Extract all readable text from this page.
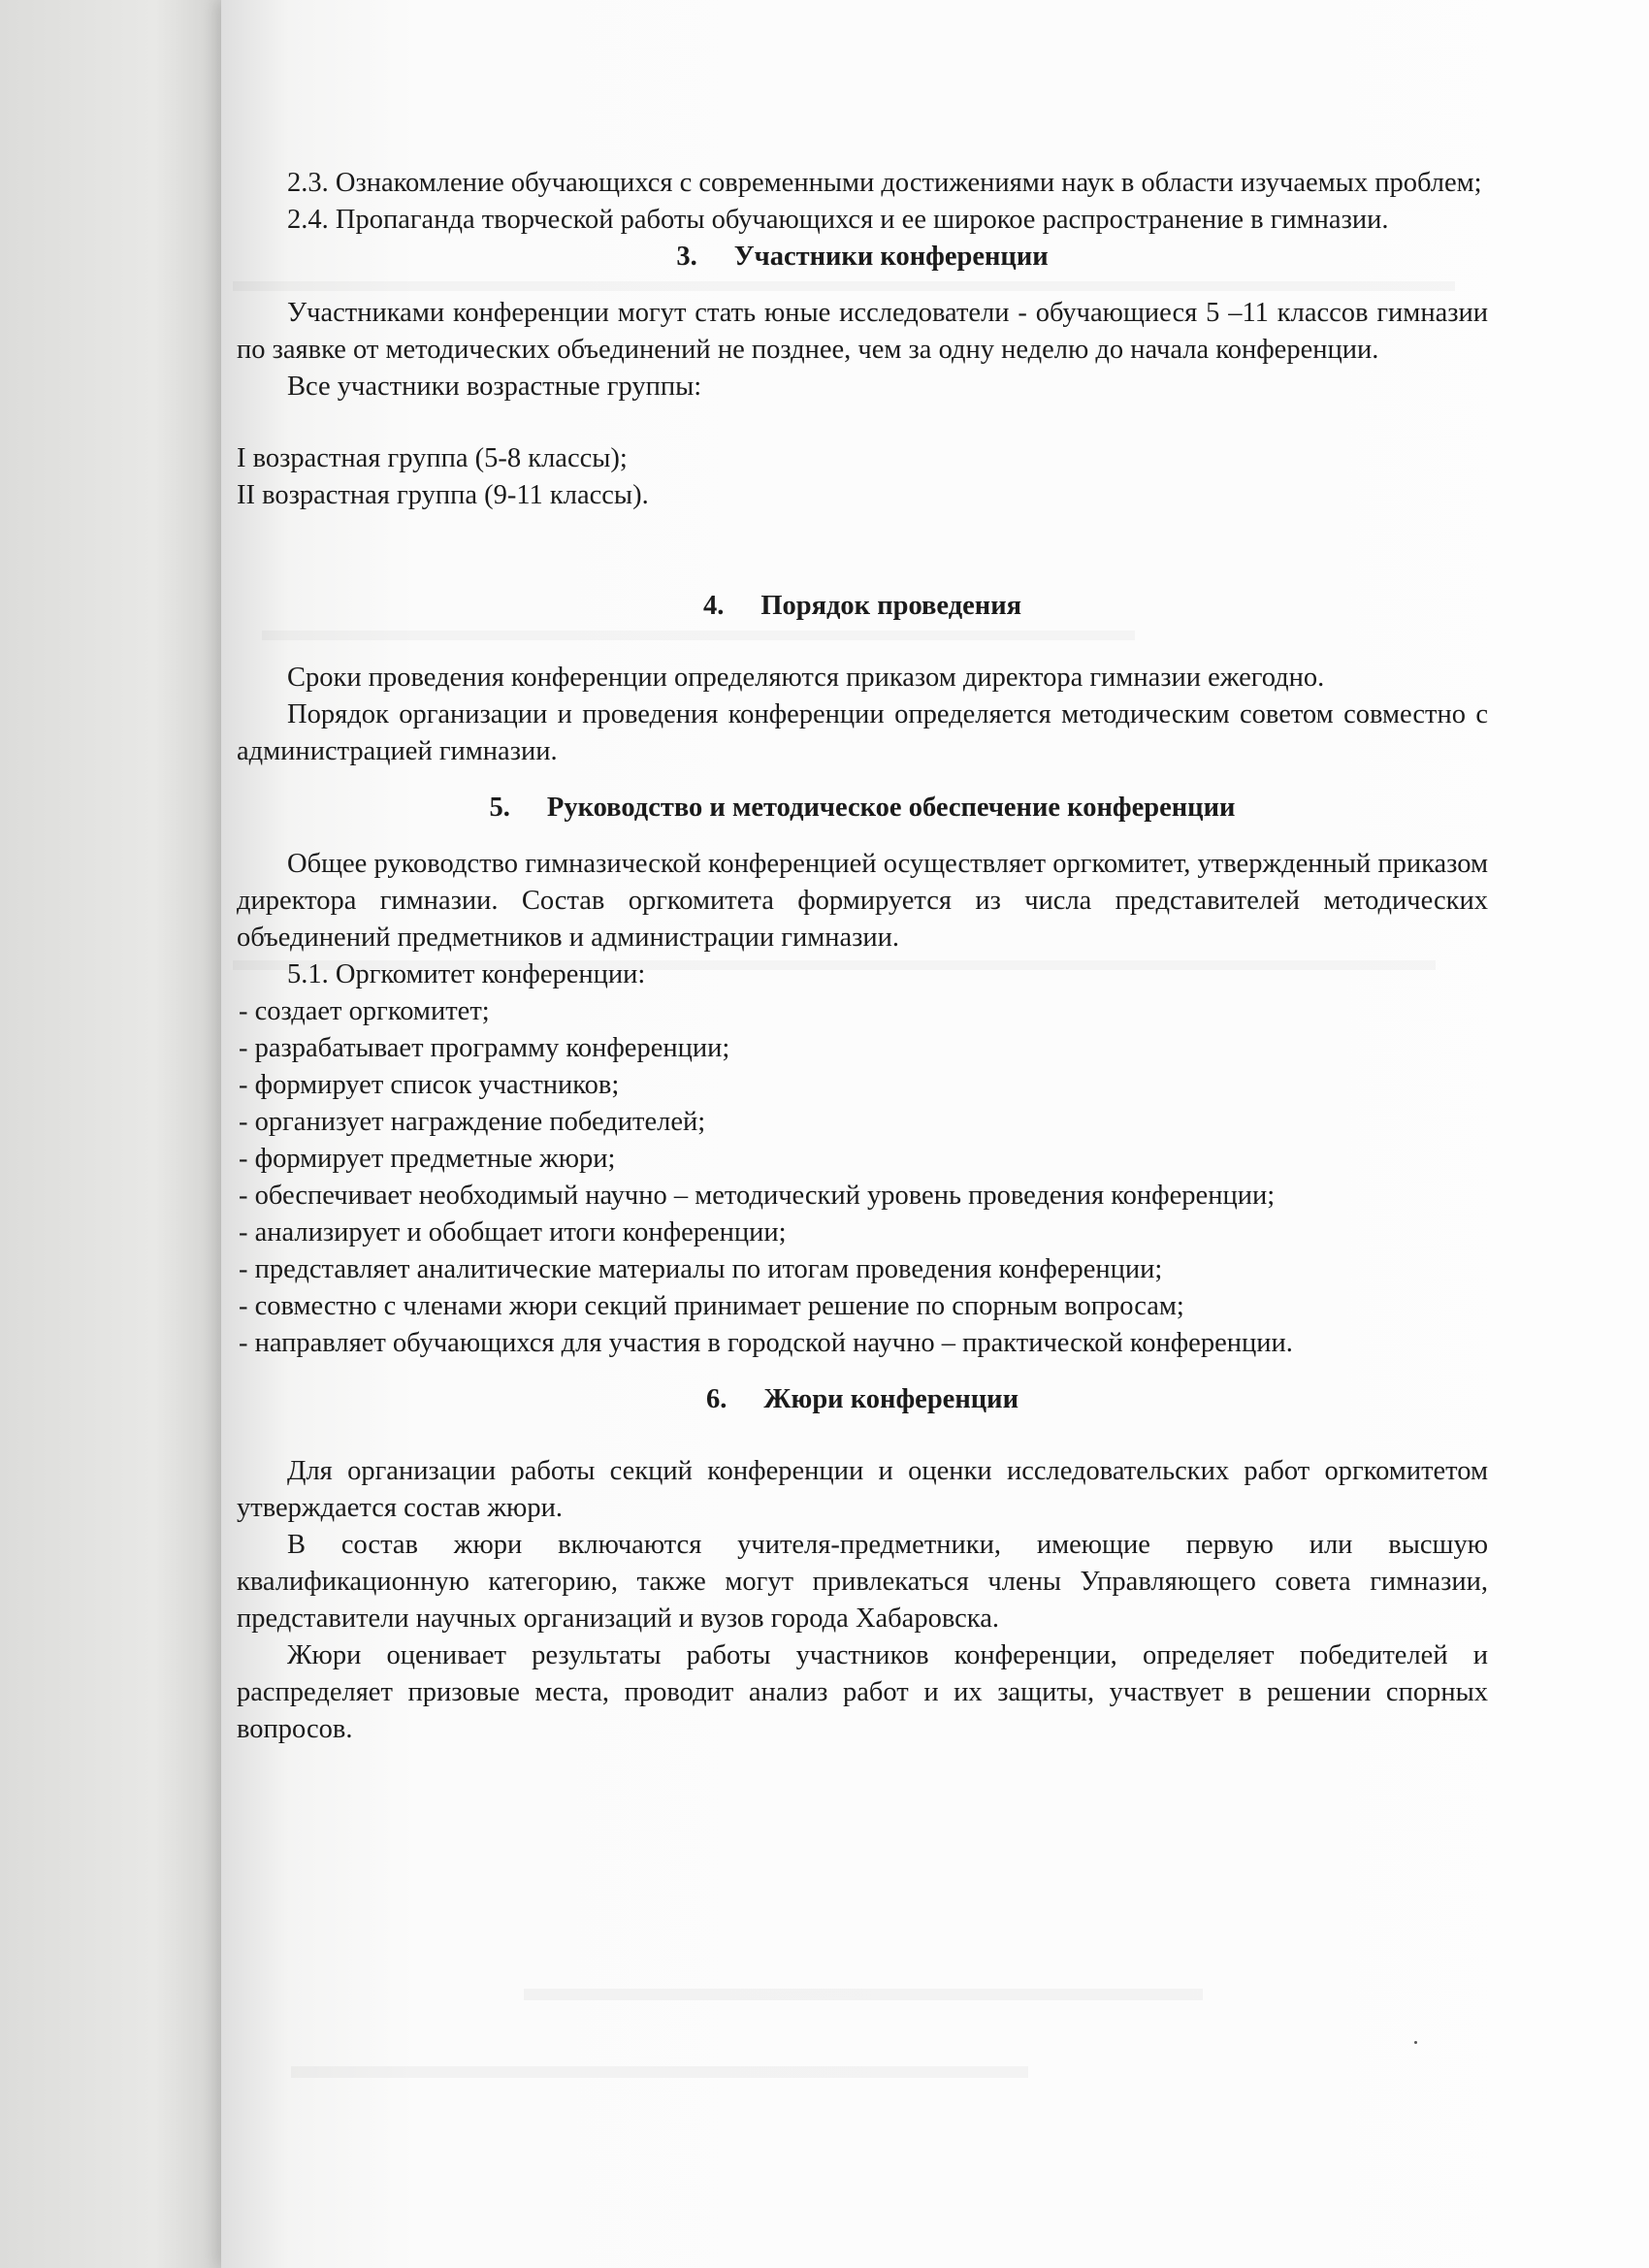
2.3. Ознакомление обучающихся с современными достижениями наук в области изучаемых проблем;

2.4. Пропаганда творческой работы обучающихся и ее широкое распространение в гимназии.

3. Участники конференции

Участниками конференции могут стать юные исследователи - обучающиеся 5 –11 классов гимназии по заявке от методических объединений не позднее, чем за одну неделю до начала конференции.

Все участники возрастные группы:

I возрастная группа (5-8 классы);

II возрастная группа (9-11 классы).

4. Порядок проведения

Сроки проведения конференции определяются приказом директора гимназии ежегодно.

Порядок организации и проведения конференции определяется методическим советом совместно с администрацией гимназии.

5. Руководство и методическое обеспечение конференции

Общее руководство гимназической конференцией осуществляет оргкомитет, утвержденный приказом директора гимназии. Состав оргкомитета формируется из числа представителей методических объединений предметников и администрации гимназии.

5.1. Оргкомитет конференции:

- создает оргкомитет;

- разрабатывает программу конференции;

- формирует список участников;

- организует награждение победителей;

- формирует предметные жюри;

- обеспечивает необходимый научно – методический уровень проведения конференции;

- анализирует и обобщает итоги конференции;

- представляет аналитические материалы по итогам проведения конференции;

- совместно с членами жюри секций принимает решение по спорным вопросам;

- направляет обучающихся для участия в городской научно – практической конференции.

6. Жюри конференции

Для организации работы секций конференции и оценки исследовательских работ оргкомитетом утверждается состав жюри.

В состав жюри включаются учителя-предметники, имеющие первую или высшую квалификационную категорию, также могут привлекаться члены Управляющего совета гимназии, представители научных организаций и вузов города Хабаровска.

Жюри оценивает результаты работы участников конференции, определяет победителей и распределяет призовые места, проводит анализ работ и их защиты, участвует в решении спорных вопросов.
